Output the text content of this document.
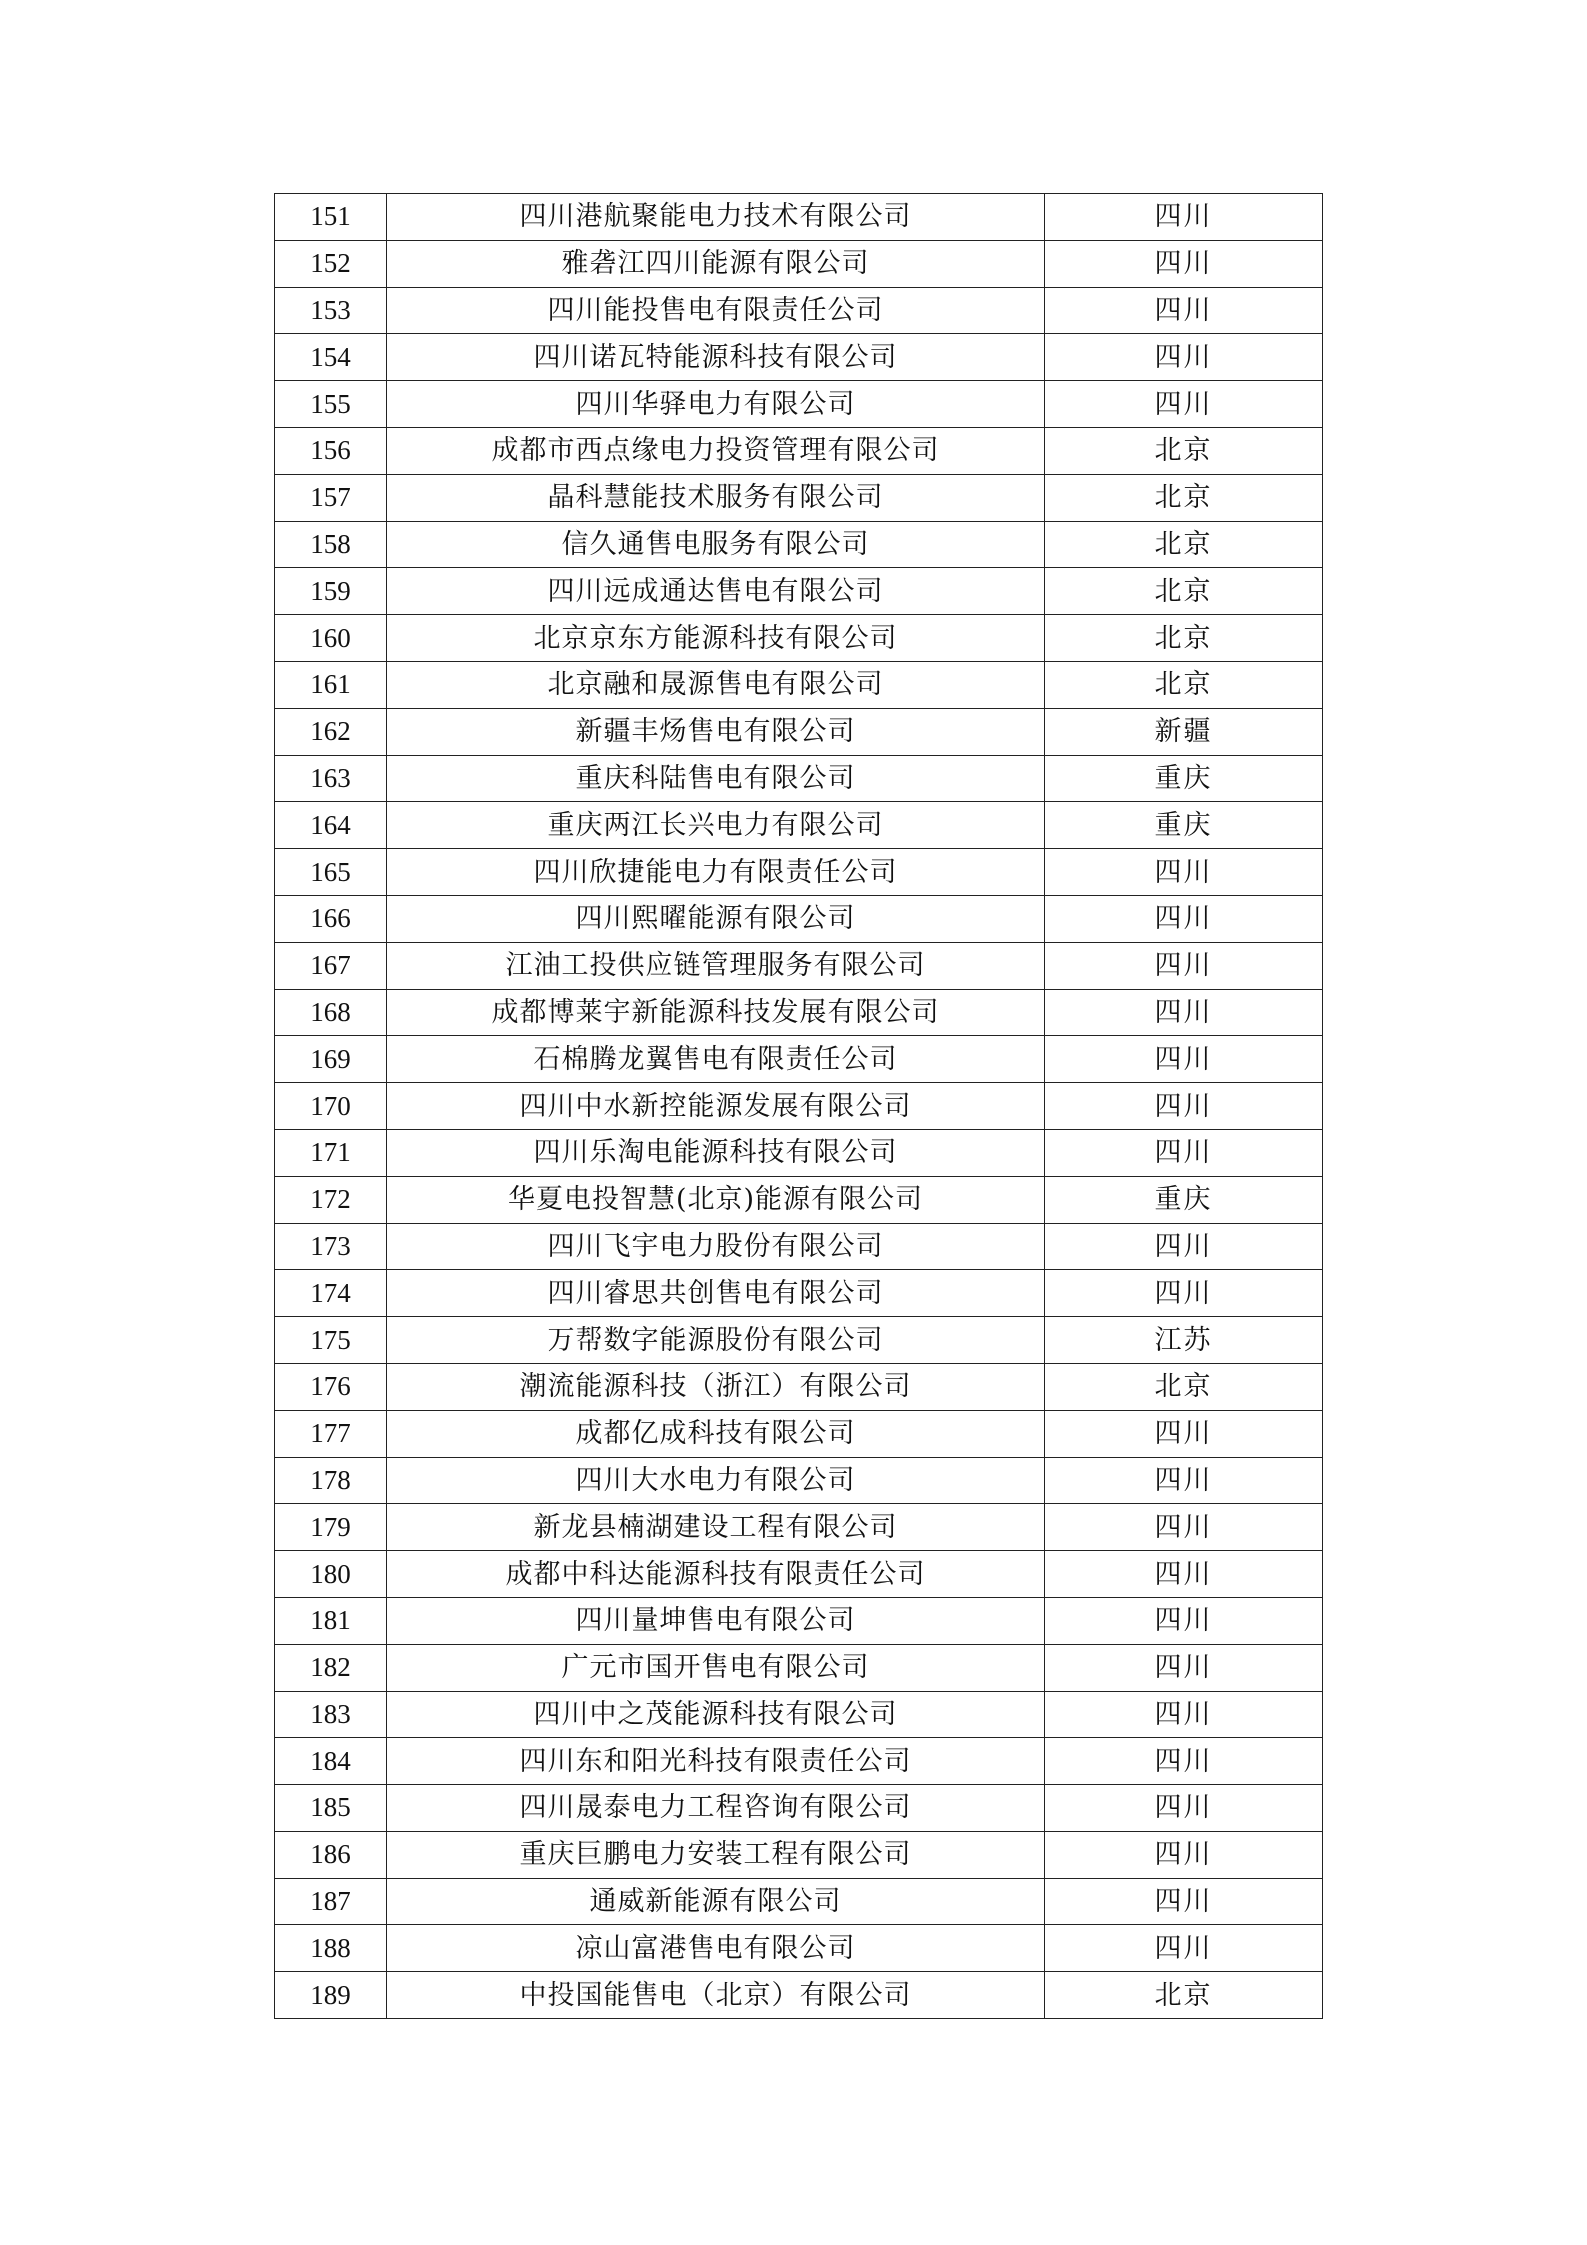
151	四川港航聚能电力技术有限公司	四川
152	雅砻江四川能源有限公司	四川
153	四川能投售电有限责任公司	四川
154	四川诺瓦特能源科技有限公司	四川
155	四川华驿电力有限公司	四川
156	成都市西点缘电力投资管理有限公司	北京
157	晶科慧能技术服务有限公司	北京
158	信久通售电服务有限公司	北京
159	四川远成通达售电有限公司	北京
160	北京京东方能源科技有限公司	北京
161	北京融和晟源售电有限公司	北京
162	新疆丰炀售电有限公司	新疆
163	重庆科陆售电有限公司	重庆
164	重庆两江长兴电力有限公司	重庆
165	四川欣捷能电力有限责任公司	四川
166	四川熙曜能源有限公司	四川
167	江油工投供应链管理服务有限公司	四川
168	成都博莱宇新能源科技发展有限公司	四川
169	石棉腾龙翼售电有限责任公司	四川
170	四川中水新控能源发展有限公司	四川
171	四川乐淘电能源科技有限公司	四川
172	华夏电投智慧(北京)能源有限公司	重庆
173	四川飞宇电力股份有限公司	四川
174	四川睿思共创售电有限公司	四川
175	万帮数字能源股份有限公司	江苏
176	潮流能源科技（浙江）有限公司	北京
177	成都亿成科技有限公司	四川
178	四川大水电力有限公司	四川
179	新龙县楠湖建设工程有限公司	四川
180	成都中科达能源科技有限责任公司	四川
181	四川量坤售电有限公司	四川
182	广元市国开售电有限公司	四川
183	四川中之茂能源科技有限公司	四川
184	四川东和阳光科技有限责任公司	四川
185	四川晟泰电力工程咨询有限公司	四川
186	重庆巨鹏电力安装工程有限公司	四川
187	通威新能源有限公司	四川
188	凉山富港售电有限公司	四川
189	中投国能售电（北京）有限公司	北京
